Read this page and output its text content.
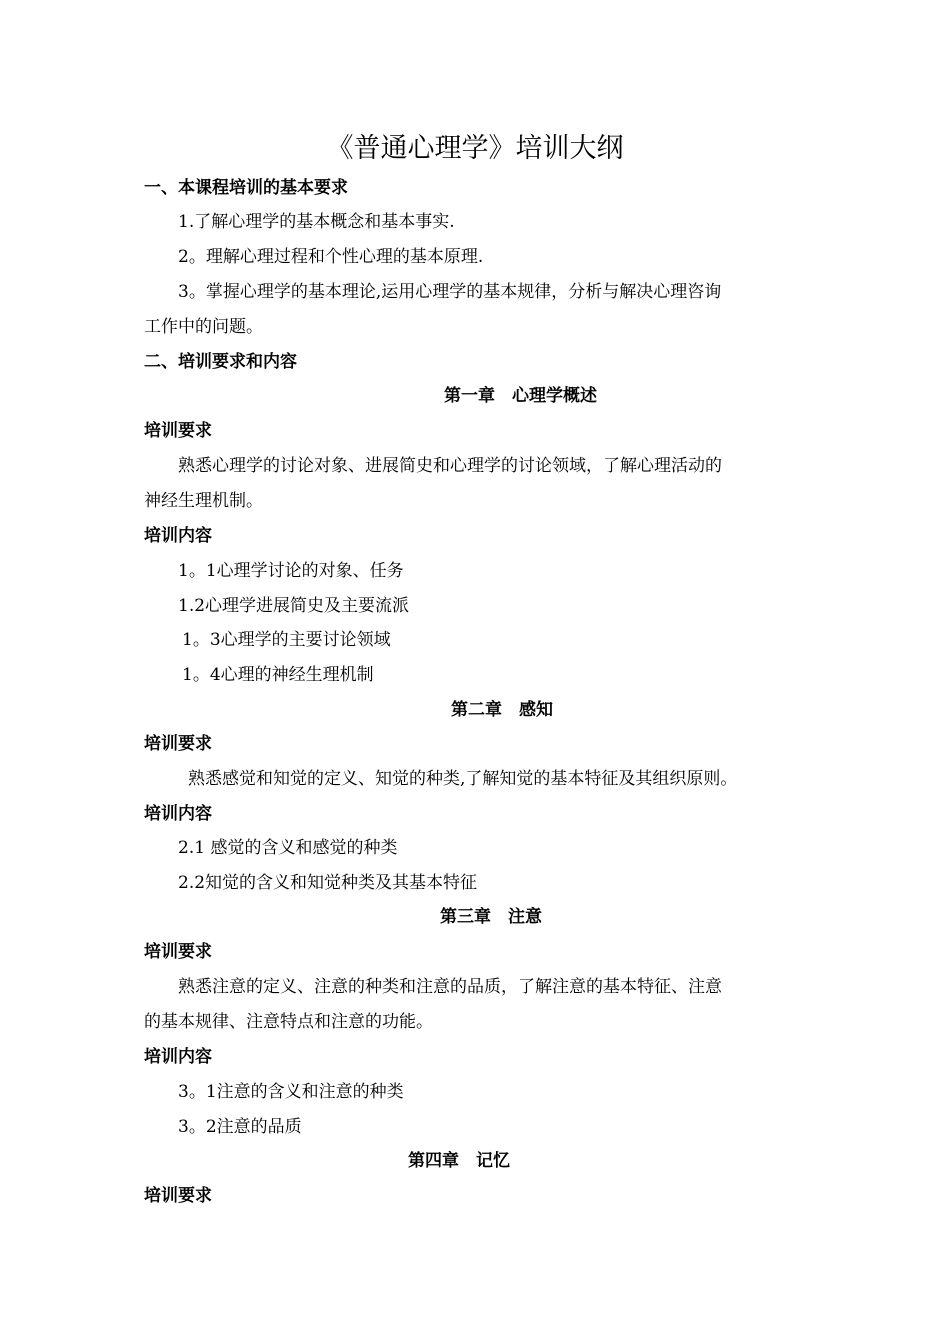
《普通心理学》培训大纲
一、本课程培训的基本要求
1.了解心理学的基本概念和基本事实.
2。理解心理过程和个性心理的基本原理.
3。掌握心理学的基本理论,运用心理学的基本规律，分析与解决心理咨询
工作中的问题。
二、培训要求和内容
第一章　心理学概述
培训要求
熟悉心理学的讨论对象、进展简史和心理学的讨论领域，了解心理活动的
神经生理机制。
培训内容
1。1心理学讨论的对象、任务
1.2心理学进展简史及主要流派
1。3心理学的主要讨论领域
1。4心理的神经生理机制
第二章　感知
培训要求
熟悉感觉和知觉的定义、知觉的种类,了解知觉的基本特征及其组织原则。
培训内容
2.1 感觉的含义和感觉的种类
2.2知觉的含义和知觉种类及其基本特征
第三章　注意
培训要求
熟悉注意的定义、注意的种类和注意的品质，了解注意的基本特征、注意
的基本规律、注意特点和注意的功能。
培训内容
3。1注意的含义和注意的种类
3。2注意的品质
第四章　记忆
培训要求
